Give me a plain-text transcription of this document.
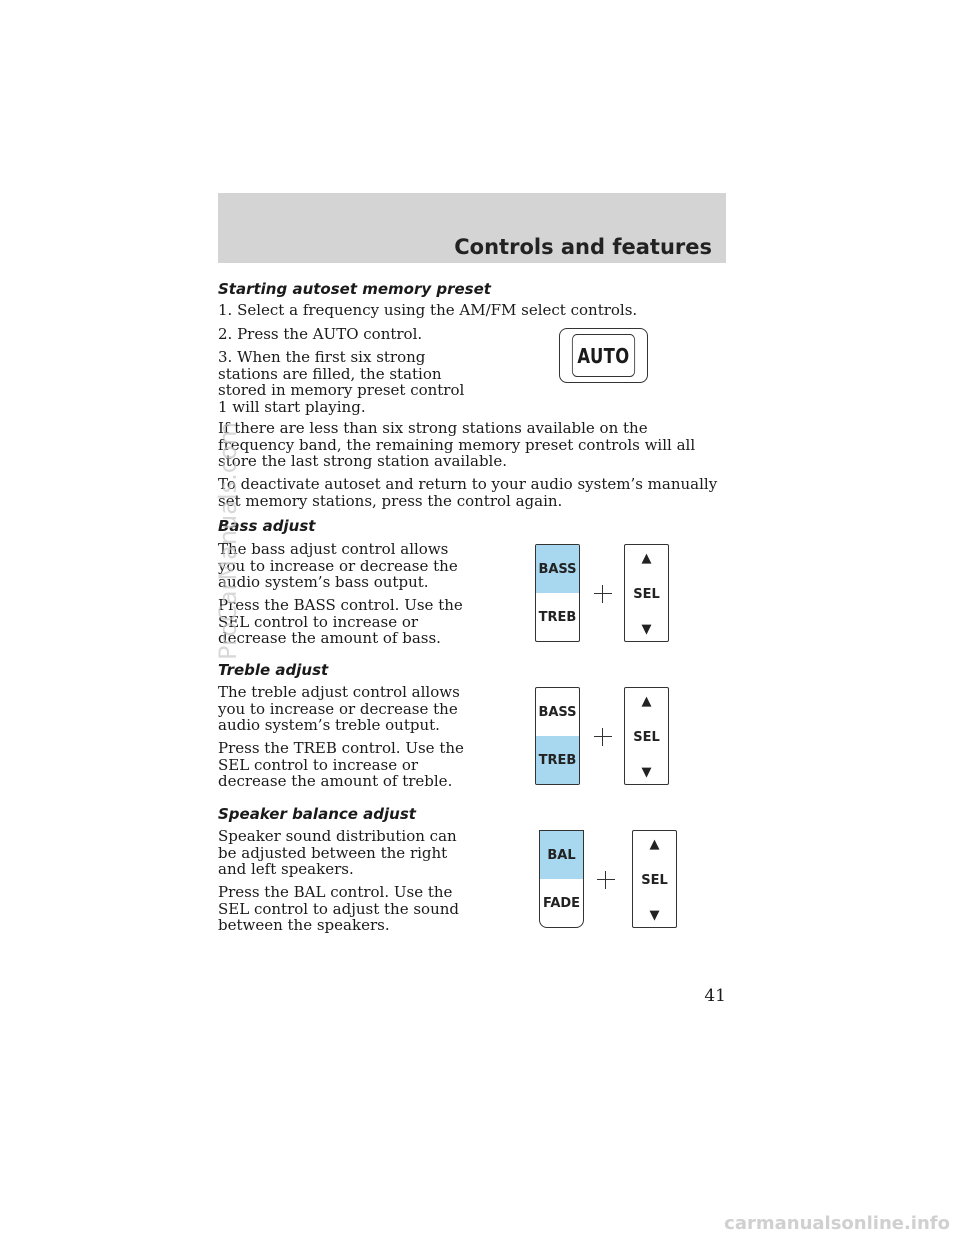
Controls and features
Starting autoset memory preset

1. Select a frequency using the AM/FM select controls.

2. Press the AUTO control.

3. When the first six strong stations are filled, the station stored in memory preset control 1 will start playing.

If there are less than six strong stations available on the frequency band, the remaining memory preset controls will all store the last strong station available.

To deactivate autoset and return to your audio system’s manually set memory stations, press the control again.

AUTO
Bass adjust

The bass adjust control allows you to increase or decrease the audio system’s bass output.

Press the BASS control. Use the SEL control to increase or decrease the amount of bass.

BASS
TREB
▲
SEL
▼
Treble adjust

The treble adjust control allows you to increase or decrease the audio system’s treble output.

Press the TREB control. Use the SEL control to increase or decrease the amount of treble.

BASS
TREB
▲
SEL
▼
Speaker balance adjust

Speaker sound distribution can be adjusted between the right and left speakers.

Press the BAL control. Use the SEL control to adjust the sound between the speakers.

BAL
FADE
▲
SEL
▼
41
ProCarManuals.com
carmanualsonline.info
